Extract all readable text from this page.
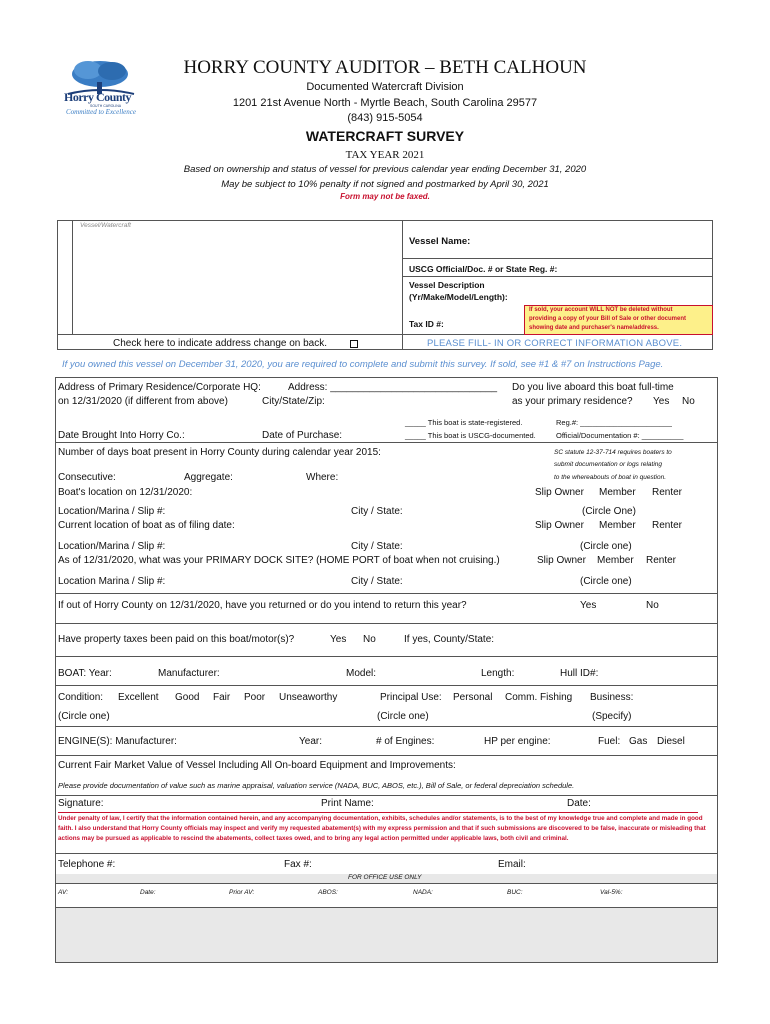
Horry County
SOUTH CAROLINA
Committed to Excellence
HORRY COUNTY AUDITOR – BETH CALHOUN
Documented Watercraft Division
1201 21st Avenue North - Myrtle Beach, South Carolina 29577
(843) 915-5054
WATERCRAFT SURVEY
TAX YEAR 2021
Based on ownership and status of vessel for previous calendar year ending December 31, 2020
May be subject to 10% penalty if not signed and postmarked by April 30, 2021
Form may not be faxed.
Vessel/Watercraft
Vessel Name:
USCG Official/Doc. # or State Reg. #:
Vessel Description
(Yr/Make/Model/Length):
Tax ID #:
If sold, your account WILL NOT be deleted without
providing a copy of your Bill of Sale or other document
showing date and purchaser's name/address.
Check here to indicate address change on back.	PLEASE FILL- IN OR CORRECT INFORMATION ABOVE.
If you owned this vessel on December 31, 2020, you are required to complete and submit this survey. If sold, see #1 & #7 on Instructions Page.
Address of Primary Residence/Corporate HQ:
on 12/31/2020 (if different from above)
Address: ______________________________
City/State/Zip:
Do you live aboard this boat full-time
as your primary residence? Yes No
_____ This boat is state-registered.	Reg.#: ______________________
_____ This boat is USCG-documented.	Official/Documentation #: __________
Date Brought Into Horry Co.:	Date of Purchase:
Number of days boat present in Horry County during calendar year 2015:	SC statute 12-37-714 requires boaters to
submit documentation or logs relating
to the whereabouts of boat in question.
Consecutive:	Aggregate:	Where:
Boat's location on 12/31/2020:	Slip Owner Member Renter
Location/Marina / Slip #:	City / State:	(Circle One)
Current location of boat as of filing date:	Slip Owner Member Renter
Location/Marina / Slip #:	City / State:	(Circle one)
As of 12/31/2020, what was your PRIMARY DOCK SITE? (HOME PORT of boat when not cruising.)	Slip Owner Member Renter
Location Marina / Slip #:	City / State:	(Circle one)
If out of Horry County on 12/31/2020, have you returned or do you intend to return this year?	Yes	No
Have property taxes been paid on this boat/motor(s)?	Yes No	If yes, County/State:
BOAT: Year:	Manufacturer:	Model:	Length:	Hull ID#:
Condition: Excellent Good Fair Poor Unseaworthy	Principal Use: Personal Comm. Fishing Business:
(Circle one)	(Circle one)	(Specify)
ENGINE(S): Manufacturer:	Year:	# of Engines:	HP per engine:	Fuel: Gas Diesel
Current Fair Market Value of Vessel Including All On-board Equipment and Improvements:
Please provide documentation of value such as marine appraisal, valuation service (NADA, BUC, ABOS, etc.), Bill of Sale, or federal depreciation schedule.
Signature:	Print Name:	Date:
Under penalty of law, I certify that the information contained herein, and any accompanying documentation, exhibits, schedules and/or statements, is to the best of my knowledge true and complete and made in good faith. I also understand that Horry County officials may inspect and verify my requested abatement(s) with my express permission and that if such submissions are discovered to be false, inaccurate or misleading that actions may be pursued as applicable to rescind the abatements, collect taxes owed, and to bring any legal action permitted under applicable laws, both civil and criminal.
Telephone #:	Fax #:	Email:
FOR OFFICE USE ONLY
AV:	Date:	Prior AV:	ABOS:	NADA:	BUC:	Val-5%:
